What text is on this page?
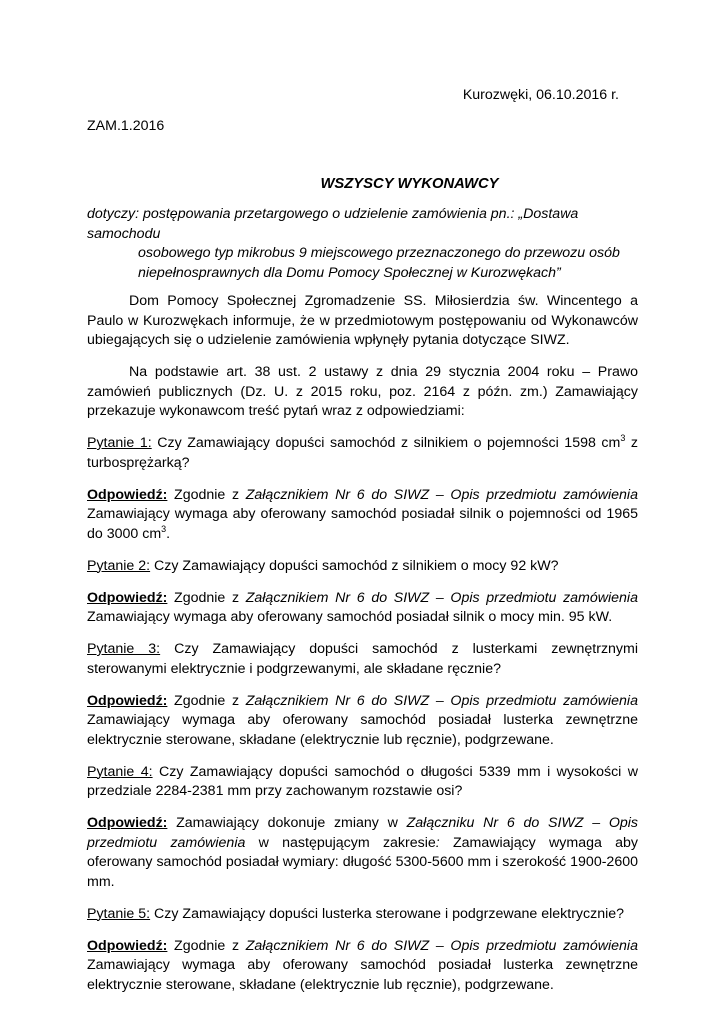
Kurozwęki, 06.10.2016 r.
ZAM.1.2016
WSZYSCY WYKONAWCY
dotyczy: postępowania przetargowego o udzielenie zamówienia pn.: „Dostawa samochodu
osobowego typ mikrobus 9 miejscowego przeznaczonego do przewozu osób niepełnosprawnych dla Domu Pomocy Społecznej w Kurozwękach”

Dom Pomocy Społecznej Zgromadzenie SS. Miłosierdzia św. Wincentego a Paulo w Kurozwękach informuje, że w przedmiotowym postępowaniu od Wykonawców ubiegających się o udzielenie zamówienia wpłynęły pytania dotyczące SIWZ.

Na podstawie art. 38 ust. 2 ustawy z dnia 29 stycznia 2004 roku – Prawo zamówień publicznych (Dz. U. z 2015 roku, poz. 2164 z późn. zm.) Zamawiający przekazuje wykonawcom treść pytań wraz z odpowiedziami:

Pytanie 1: Czy Zamawiający dopuści samochód z silnikiem o pojemności 1598 $cm^3$ z turbosprężarką?

Odpowiedź: Zgodnie z Załącznikiem Nr 6 do SIWZ – Opis przedmiotu zamówienia Zamawiający wymaga aby oferowany samochód posiadał silnik o pojemności od 1965 do 3000 $cm^3$.

Pytanie 2: Czy Zamawiający dopuści samochód z silnikiem o mocy 92 kW?

Odpowiedź: Zgodnie z Załącznikiem Nr 6 do SIWZ – Opis przedmiotu zamówienia Zamawiający wymaga aby oferowany samochód posiadał silnik o mocy min. 95 kW.

Pytanie 3: Czy Zamawiający dopuści samochód z lusterkami zewnętrznymi sterowanymi elektrycznie i podgrzewanymi, ale składane ręcznie?

Odpowiedź: Zgodnie z Załącznikiem Nr 6 do SIWZ – Opis przedmiotu zamówienia Zamawiający wymaga aby oferowany samochód posiadał lusterka zewnętrzne elektrycznie sterowane, składane (elektrycznie lub ręcznie), podgrzewane.

Pytanie 4: Czy Zamawiający dopuści samochód o długości 5339 mm i wysokości w przedziale 2284-2381 mm przy zachowanym rozstawie osi?

Odpowiedź: Zamawiający dokonuje zmiany w Załączniku Nr 6 do SIWZ – Opis przedmiotu zamówienia w następującym zakresie: Zamawiający wymaga aby oferowany samochód posiadał wymiary: długość 5300-5600 mm i szerokość 1900-2600 mm.

Pytanie 5: Czy Zamawiający dopuści lusterka sterowane i podgrzewane elektrycznie?

Odpowiedź: Zgodnie z Załącznikiem Nr 6 do SIWZ – Opis przedmiotu zamówienia Zamawiający wymaga aby oferowany samochód posiadał lusterka zewnętrzne elektrycznie sterowane, składane (elektrycznie lub ręcznie), podgrzewane.
